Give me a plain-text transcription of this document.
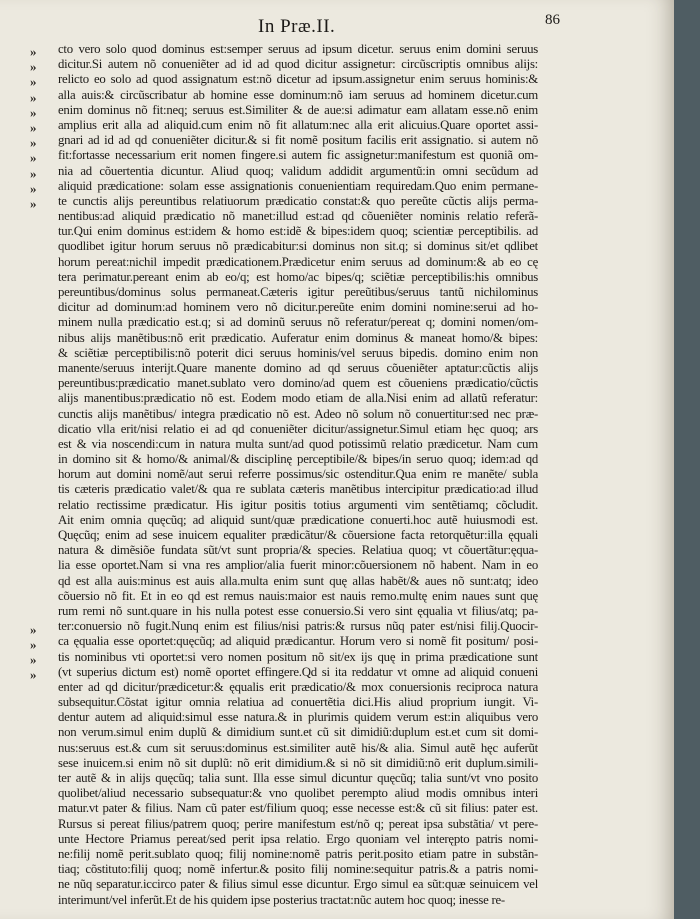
In Præ.II.	86
»
»
»
»
»
»
»
»
»
»
»
»
»
»
»
cto vero solo quod dominus est:semper seruus ad ipsum dicetur. seruus enim domini seruus
dicitur.Si autem nõ conueniẽter ad id ad quod dicitur assignetur: circũscriptis omnibus alijs:
relicto eo solo ad quod assignatum est:nõ dicetur ad ipsum.assignetur enim seruus hominis:&
alla auis:& circũscribatur ab homine esse dominum:nõ iam seruus ad hominem dicetur.cum
enim dominus nõ fit:neq; seruus est.Similiter & de aue:si adimatur eam allatam esse.nõ enim
amplius erit alla ad aliquid.cum enim nõ fit allatum:nec alla erit alicuius.Quare oportet assi-
gnari ad id ad qd conueniẽter dicitur.& si fit nomẽ positum facilis erit assignatio. si autem nõ
fit:fortasse necessarium erit nomen fingere.si autem fic assignetur:manifestum est quoniã om-
nia ad cõuertentia dicuntur. Aliud quoq; validum addidit argumentũ:in omni secũdum ad
aliquid prædicatione: solam esse assignationis conuenientiam requiredam.Quo enim permane-
te cunctis alijs pereuntibus relatiuorum prædicatio constat:& quo pereũte cũctis alijs perma-
nentibus:ad aliquid prædicatio nõ manet:illud est:ad qd cõueniẽter nominis relatio referã-
tur.Qui enim dominus est:idem & homo est:idẽ & bipes:idem quoq; scientiæ perceptibilis. ad
quodlibet igitur horum seruus nõ prædicabitur:si dominus non sit.q; si dominus sit/et qdlibet
horum pereat:nichil impedit prædicationem.Prædicetur enim seruus ad dominum:& ab eo cę
tera perimatur.pereant enim ab eo/q; est homo/ac bipes/q; sciẽtiæ perceptibilis:his omnibus
pereuntibus/dominus solus permaneat.Cæteris igitur pereũtibus/seruus tantũ nichilominus
dicitur ad dominum:ad hominem vero nõ dicitur.pereũte enim domini nomine:serui ad ho-
minem nulla prædicatio est.q; si ad dominũ seruus nõ referatur/pereat q; domini nomen/om-
nibus alijs manẽtibus:nõ erit prædicatio. Auferatur enim dominus & maneat homo/& bipes:
& sciẽtiæ perceptibilis:nõ poterit dici seruus hominis/vel seruus bipedis. domino enim non
manente/seruus interijt.Quare manente domino ad qd seruus cõueniẽter aptatur:cũctis alijs
pereuntibus:prædicatio manet.sublato vero domino/ad quem est cõueniens prædicatio/cũctis
alijs manentibus:prædicatio nõ est. Eodem modo etiam de alla.Nisi enim ad allatũ referatur:
cunctis alijs manẽtibus/ integra prædicatio nõ est. Adeo nõ solum nõ conuertitur:sed nec præ-
dicatio vlla erit/nisi relatio ei ad qd conueniẽter dicitur/assignetur.Simul etiam hęc quoq; ars
est & via noscendi:cum in natura multa sunt/ad quod potissimũ relatio prædicetur. Nam cum
in domino sit & homo/& animal/& disciplinę perceptibile/& bipes/in seruo quoq; idem:ad qd
horum aut domini nomẽ/aut serui referre possimus/sic ostenditur.Qua enim re manẽte/ subla
tis cæteris prædicatio valet/& qua re sublata cæteris manẽtibus intercipitur prædicatio:ad illud
relatio rectissime prædicatur. His igitur positis totius argumenti vim sentẽtiamq; cõcludit.
Ait enim omnia quęcũq; ad aliquid sunt/quæ prædicatione conuerti.hoc autẽ huiusmodi est.
Quęcũq; enim ad sese inuicem equaliter prædicãtur/& cõuersione facta retorquẽtur:illa ęquali
natura & dimẽsiõe fundata sũt/vt sunt propria/& species. Relatiua quoq; vt cõuertãtur:ęqua-
lia esse oportet.Nam si vna res amplior/alia fuerit minor:cõuersionem nõ habent. Nam in eo
qd est alla auis:minus est auis alla.multa enim sunt quę allas habẽt/& aues nõ sunt:atq; ideo
cõuersio nõ fit. Et in eo qd est remus nauis:maior est nauis remo.multę enim naues sunt quę
rum remi nõ sunt.quare in his nulla potest esse conuersio.Si vero sint ęqualia vt filius/atq; pa-
ter:conuersio nõ fugit.Nunq enim est filius/nisi patris:& rursus nũq pater est/nisi filij.Quocir-
ca ęqualia esse oportet:quęcũq; ad aliquid prædicantur. Horum vero si nomẽ fit positum/ posi-
tis nominibus vti oportet:si vero nomen positum nõ sit/ex ijs quę in prima prædicatione sunt
(vt superius dictum est) nomẽ oportet effingere.Qd si ita reddatur vt omne ad aliquid conueni
enter ad qd dicitur/prædicetur:& ęqualis erit prædicatio/& mox conuersionis reciproca natura
subsequitur.Cõstat igitur omnia relatiua ad conuertẽtia dici.His aliud proprium iungit. Vi-
dentur autem ad aliquid:simul esse natura.& in plurimis quidem verum est:in aliquibus vero
non verum.simul enim duplũ & dimidium sunt.et cũ sit dimidiũ:duplum est.et cum sit domi-
nus:seruus est.& cum sit seruus:dominus est.similiter autẽ his/& alia. Simul autẽ hęc auferũt
sese inuicem.si enim nõ sit duplũ: nõ erit dimidium.& si nõ sit dimidiũ:nõ erit duplum.simili-
ter autẽ & in alijs quęcũq; talia sunt. Illa esse simul dicuntur quęcũq; talia sunt/vt vno posito
quolibet/aliud necessario subsequatur:& vno quolibet perempto aliud modis omnibus interi
matur.vt pater & filius. Nam cũ pater est/filium quoq; esse necesse est:& cũ sit filius: pater est.
Rursus si pereat filius/patrem quoq; perire manifestum est/nõ q; pereat ipsa substãtia/ vt pere-
unte Hectore Priamus pereat/sed perit ipsa relatio. Ergo quoniam vel interępto patris nomi-
ne:filij nomẽ perit.sublato quoq; filij nomine:nomẽ patris perit.posito etiam patre in substãn-
tiaq; cõstituto:filij quoq; nomẽ infertur.& posito filij nomine:sequitur patris.& a patris nomi-
ne nũq separatur.iccirco pater & filius simul esse dicuntur. Ergo simul ea sũt:quæ seinuicem vel
interimunt/vel inferũt.Et de his quidem ipse posterius tractat:nũc autem hoc quoq; inesse re-
